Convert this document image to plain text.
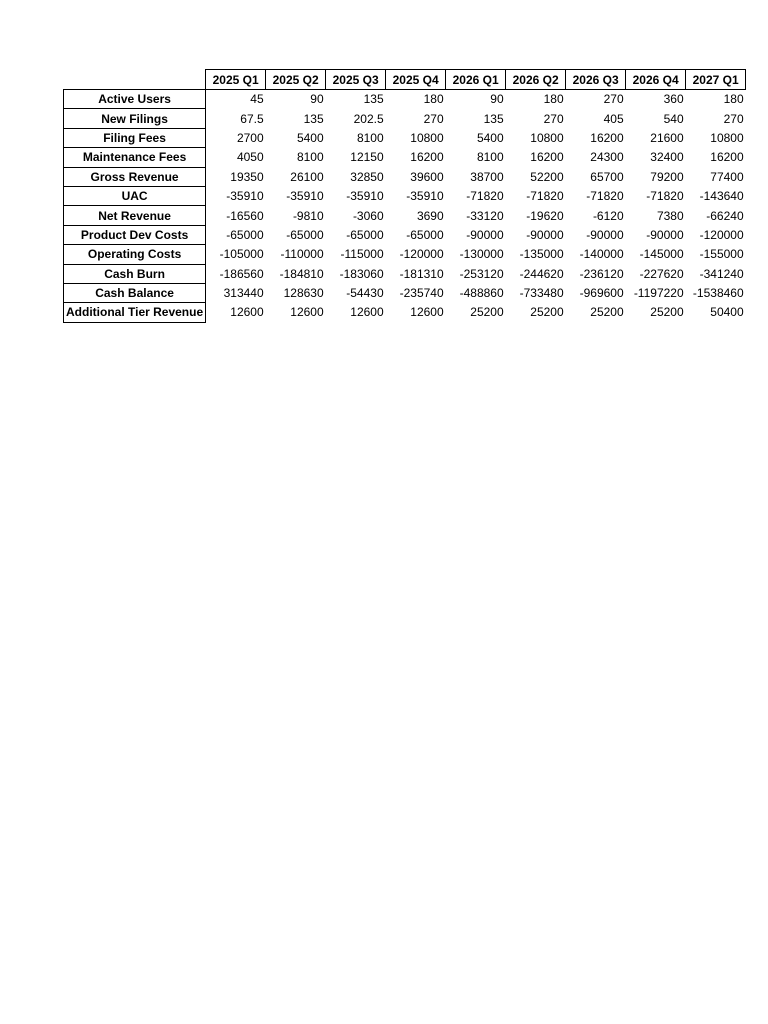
	2025 Q1	2025 Q2	2025 Q3	2025 Q4	2026 Q1	2026 Q2	2026 Q3	2026 Q4	2027 Q1
Active Users	45	90	135	180	90	180	270	360	180
New Filings	67.5	135	202.5	270	135	270	405	540	270
Filing Fees	2700	5400	8100	10800	5400	10800	16200	21600	10800
Maintenance Fees	4050	8100	12150	16200	8100	16200	24300	32400	16200
Gross Revenue	19350	26100	32850	39600	38700	52200	65700	79200	77400
UAC	-35910	-35910	-35910	-35910	-71820	-71820	-71820	-71820	-143640
Net Revenue	-16560	-9810	-3060	3690	-33120	-19620	-6120	7380	-66240
Product Dev Costs	-65000	-65000	-65000	-65000	-90000	-90000	-90000	-90000	-120000
Operating Costs	-105000	-110000	-115000	-120000	-130000	-135000	-140000	-145000	-155000
Cash Burn	-186560	-184810	-183060	-181310	-253120	-244620	-236120	-227620	-341240
Cash Balance	313440	128630	-54430	-235740	-488860	-733480	-969600	-1197220	-1538460
Additional Tier Revenue	12600	12600	12600	12600	25200	25200	25200	25200	50400
